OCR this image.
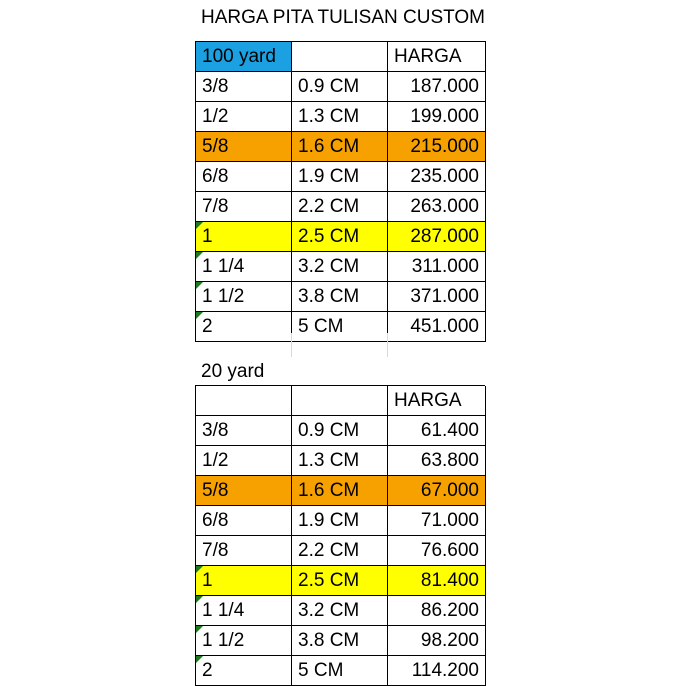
HARGA PITA TULISAN CUSTOM
100 yard		HARGA
3/8	0.9 CM	187.000
1/2	1.3 CM	199.000
5/8	1.6 CM	215.000
6/8	1.9 CM	235.000
7/8	2.2 CM	263.000

1	2.5 CM	287.000

1 1/4	3.2 CM	311.000

1 1/2	3.8 CM	371.000

2	5 CM	451.000
20 yard
		HARGA
3/8	0.9 CM	61.400
1/2	1.3 CM	63.800
5/8	1.6 CM	67.000
6/8	1.9 CM	71.000
7/8	2.2 CM	76.600

1	2.5 CM	81.400

1 1/4	3.2 CM	86.200

1 1/2	3.8 CM	98.200

2	5 CM	114.200
